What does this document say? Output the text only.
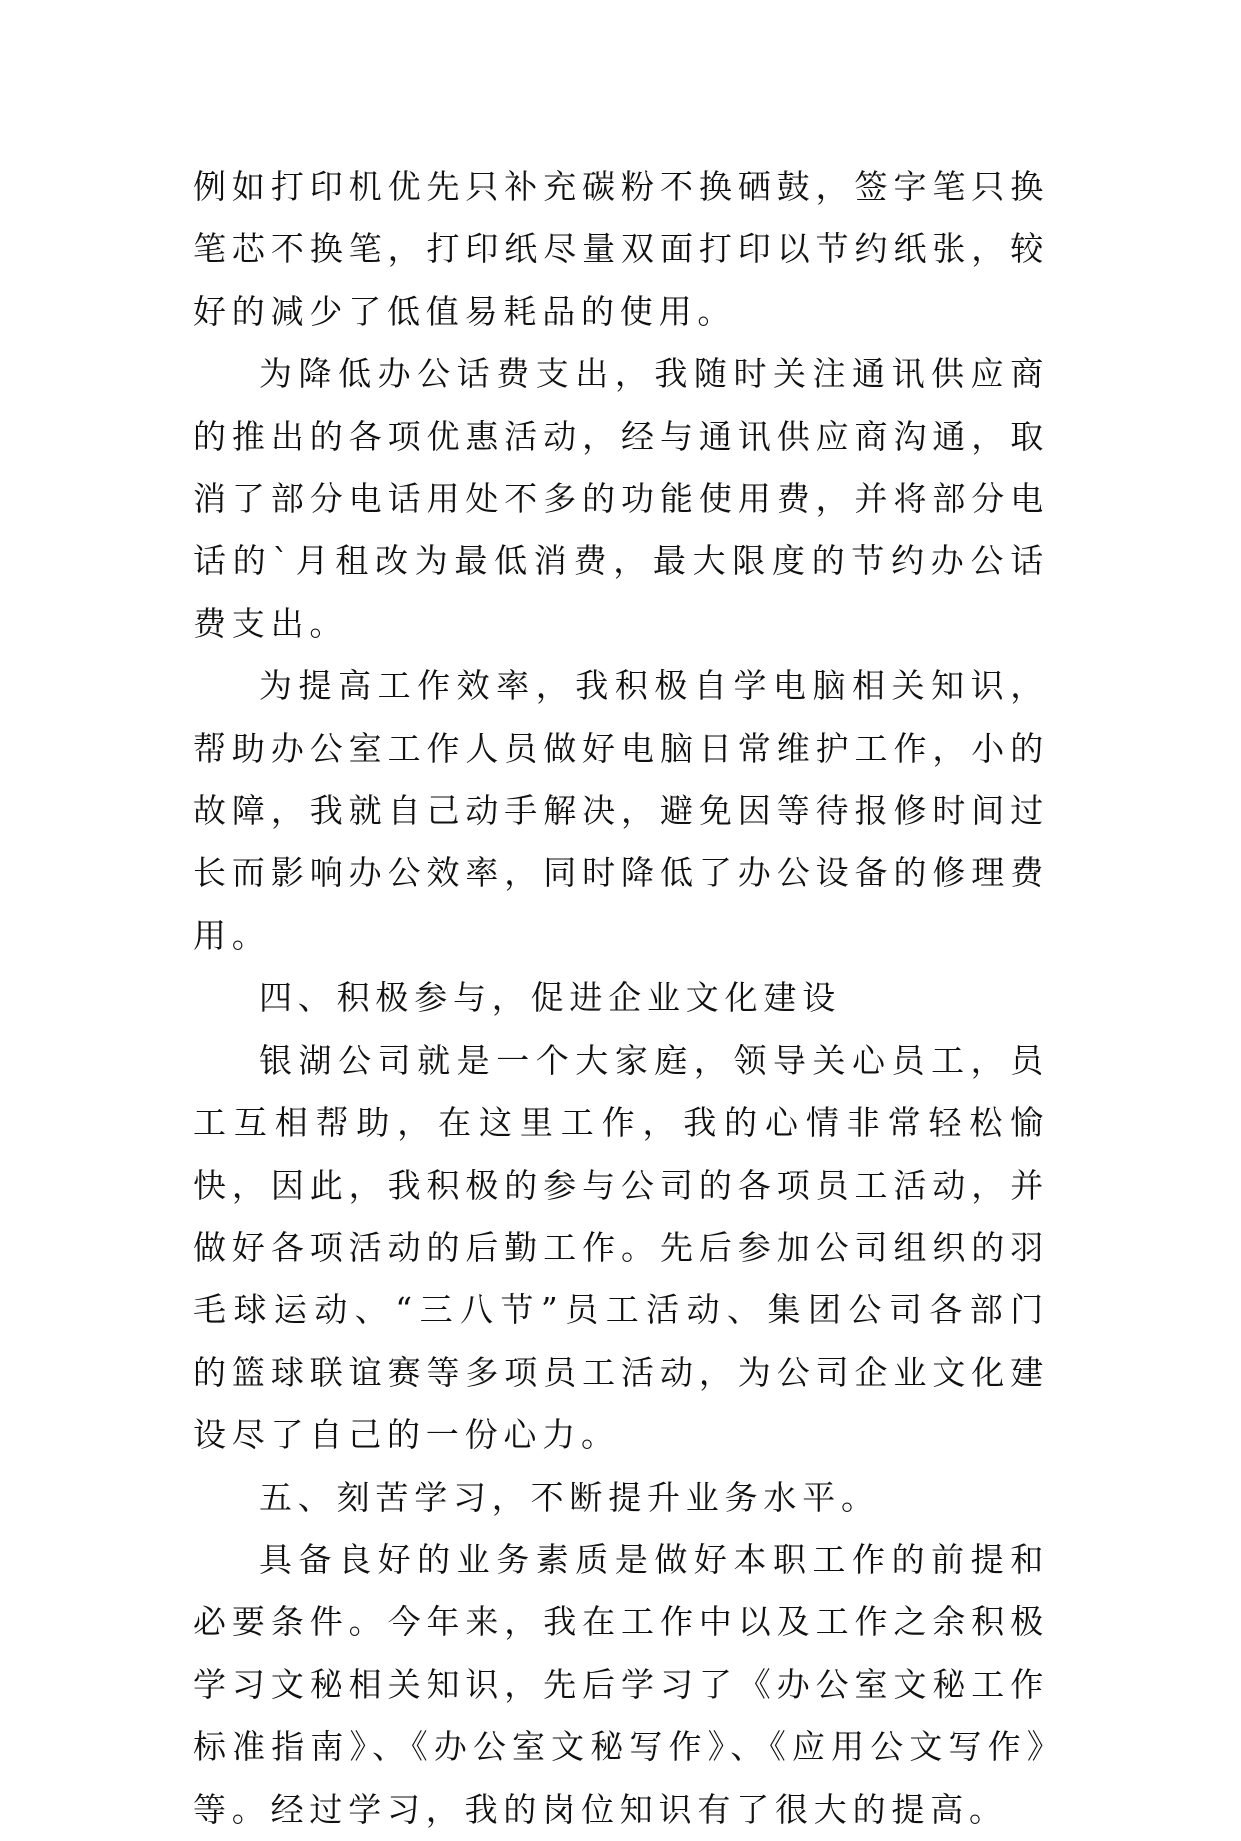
例如打印机优先只补充碳粉不换硒鼓，签字笔只换笔芯不换笔，打印纸尽量双面打印以节约纸张，较好的减少了低值易耗品的使用。

为降低办公话费支出，我随时关注通讯供应商的推出的各项优惠活动，经与通讯供应商沟通，取消了部分电话用处不多的功能使用费，并将部分电话的`月租改为最低消费，最大限度的节约办公话费支出。

为提高工作效率，我积极自学电脑相关知识，帮助办公室工作人员做好电脑日常维护工作，小的故障，我就自己动手解决，避免因等待报修时间过长而影响办公效率，同时降低了办公设备的修理费用。

四、积极参与，促进企业文化建设

银湖公司就是一个大家庭，领导关心员工，员工互相帮助，在这里工作，我的心情非常轻松愉快，因此，我积极的参与公司的各项员工活动，并做好各项活动的后勤工作。先后参加公司组织的羽毛球运动、“三八节”员工活动、集团公司各部门的篮球联谊赛等多项员工活动，为公司企业文化建设尽了自己的一份心力。

五、刻苦学习，不断提升业务水平。

具备良好的业务素质是做好本职工作的前提和必要条件。今年来，我在工作中以及工作之余积极学习文秘相关知识，先后学习了《办公室文秘工作标准指南》、《办公室文秘写作》、《应用公文写作》等。经过学习，我的岗位知识有了很大的提高。
